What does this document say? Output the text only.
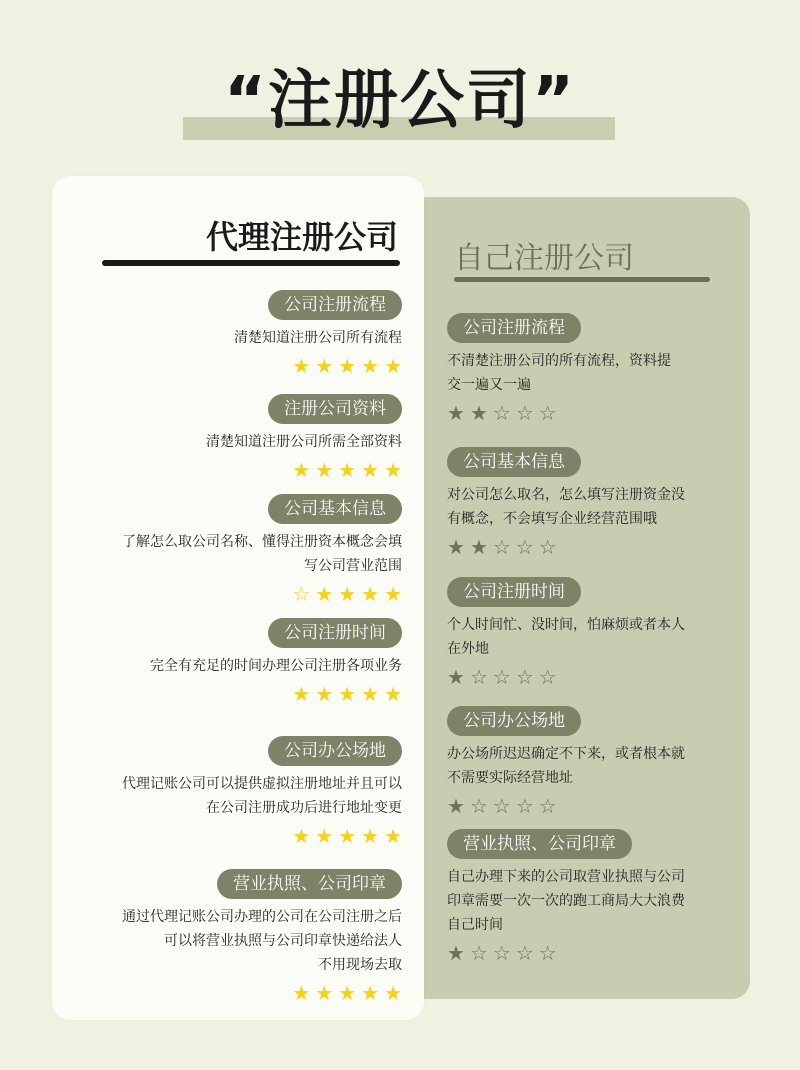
“注册公司”
自己注册公司
公司注册流程
不清楚注册公司的所有流程，资料提
交一遍又一遍
★★☆☆☆
公司基本信息
对公司怎么取名，怎么填写注册资金没
有概念，不会填写企业经营范围哦
★★☆☆☆
公司注册时间
个人时间忙、没时间，怕麻烦或者本人
在外地
★☆☆☆☆
公司办公场地
办公场所迟迟确定不下来，或者根本就
不需要实际经营地址
★☆☆☆☆
营业执照、公司印章
自己办理下来的公司取营业执照与公司
印章需要一次一次的跑工商局大大浪费
自己时间
★☆☆☆☆
代理注册公司
公司注册流程
清楚知道注册公司所有流程
★★★★★
注册公司资料
清楚知道注册公司所需全部资料
★★★★★
公司基本信息
了解怎么取公司名称、懂得注册资本概念会填
写公司营业范围
☆★★★★
公司注册时间
完全有充足的时间办理公司注册各项业务
★★★★★
公司办公场地
代理记账公司可以提供虚拟注册地址并且可以
在公司注册成功后进行地址变更
★★★★★
营业执照、公司印章
通过代理记账公司办理的公司在公司注册之后
可以将营业执照与公司印章快递给法人
不用现场去取
★★★★★
